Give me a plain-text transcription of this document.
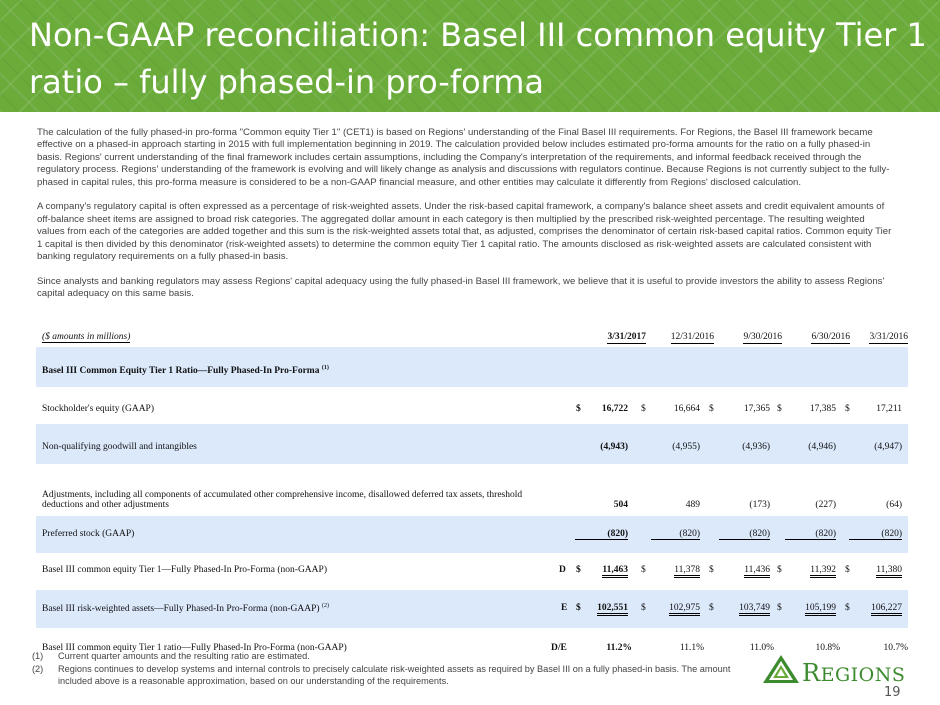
Non-GAAP reconciliation: Basel III common equity Tier 1 ratio – fully phased-in pro-forma

The calculation of the fully phased-in pro-forma "Common equity Tier 1" (CET1) is based on Regions' understanding of the Final Basel III requirements. For Regions, the Basel III framework became effective on a phased-in approach starting in 2015 with full implementation beginning in 2019. The calculation provided below includes estimated pro-forma amounts for the ratio on a fully phased-in basis. Regions' current understanding of the final framework includes certain assumptions, including the Company's interpretation of the requirements, and informal feedback received through the regulatory process. Regions' understanding of the framework is evolving and will likely change as analysis and discussions with regulators continue. Because Regions is not currently subject to the fully-phased in capital rules, this pro-forma measure is considered to be a non-GAAP financial measure, and other entities may calculate it differently from Regions' disclosed calculation.

A company's regulatory capital is often expressed as a percentage of risk-weighted assets. Under the risk-based capital framework, a company's balance sheet assets and credit equivalent amounts of off-balance sheet items are assigned to broad risk categories. The aggregated dollar amount in each category is then multiplied by the prescribed risk-weighted percentage. The resulting weighted values from each of the categories are added together and this sum is the risk-weighted assets total that, as adjusted, comprises the denominator of certain risk-based capital ratios. Common equity Tier 1 capital is then divided by this denominator (risk-weighted assets) to determine the common equity Tier 1 capital ratio. The amounts disclosed as risk-weighted assets are calculated consistent with banking regulatory requirements on a fully phased-in basis.

Since analysts and banking regulators may assess Regions' capital adequacy using the fully phased-in Basel III framework, we believe that it is useful to provide investors the ability to assess Regions' capital adequacy on this same basis.

($ amounts in millions)	3/31/2017	12/31/2016	9/30/2016	6/30/2016 3/31/2016
Basel III Common Equity Tier 1 Ratio—Fully Phased-In Pro-Forma $^{(1)}$
Stockholder's equity (GAAP)	$ 16,722 $	16,664 $	17,365 $	17,385 $	17,211
Non-qualifying goodwill and intangibles	(4,943)	(4,955)	(4,936)	(4,946)	(4,947)
Adjustments, including all components of accumulated other comprehensive income, disallowed deferred tax assets, threshold
deductions and other adjustments	504	489	(173)	(227)	(64)
Preferred stock (GAAP)	(820)	(820)	(820)	(820)	(820)
Basel III common equity Tier 1—Fully Phased-In Pro-Forma (non-GAAP)	D $ 11,463 $	11,378 $	11,436 $	11,392 $	11,380
Basel III risk-weighted assets—Fully Phased-In Pro-Forma (non-GAAP) $^{(2)}$	E $ 102,551 $ 102,975 $	103,749 $ 105,199 $ 106,227
Basel III common equity Tier 1 ratio—Fully Phased-In Pro-Forma (non-GAAP)	D/E	11.2%	11.1%	11.0%	10.8%	10.7%
(1) Current quarter amounts and the resulting ratio are estimated.
(2) Regions continues to develop systems and internal controls to precisely calculate risk-weighted assets as required by Basel III on a fully phased-in basis. The amount included above is a reasonable approximation, based on our understanding of the requirements.	REGIONS
19
